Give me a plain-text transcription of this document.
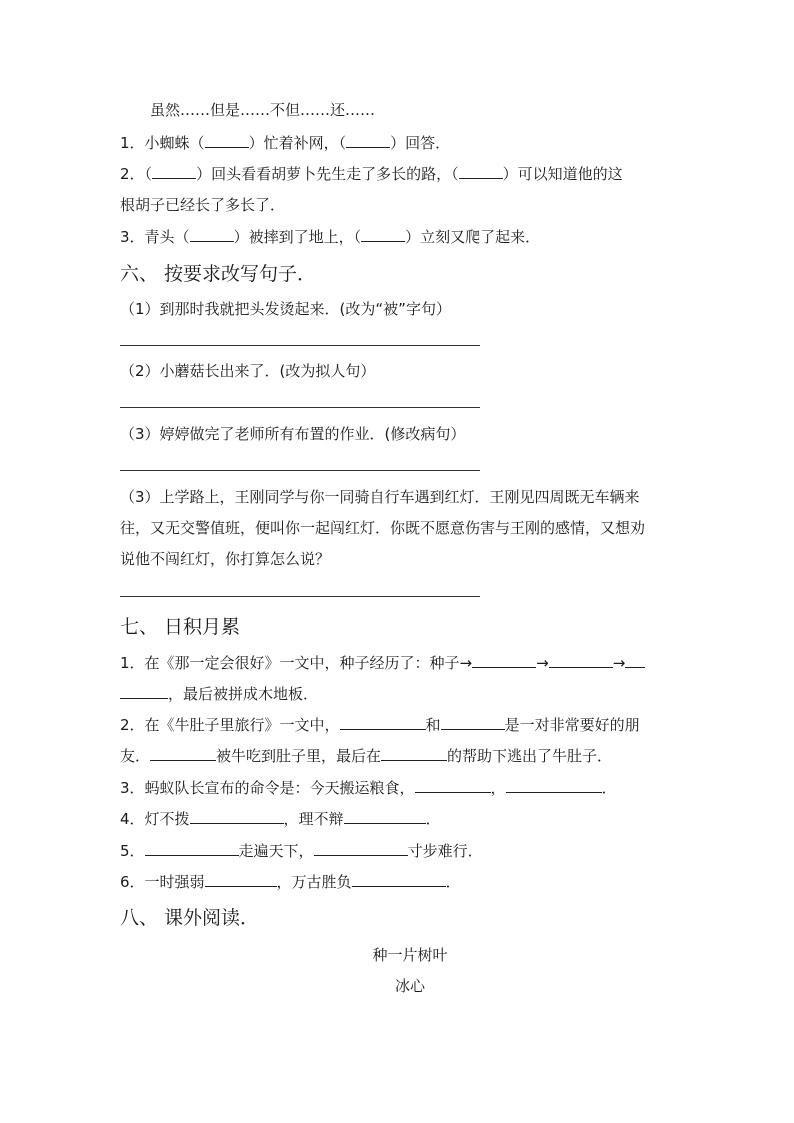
虽然……但是……不但……还……
1．小蜘蛛（	）忙着补网，（	）回答．
2．（	）回头看看胡萝卜先生走了多长的路，（	）可以知道他的这
根胡子已经长了多长了．
3．青头（	）被摔到了地上，（	）立刻又爬了起来．
六、 按要求改写句子．
（1）到那时我就把头发烫起来．(改为“被”字句）
（2）小蘑菇长出来了．(改为拟人句）
（3）婷婷做完了老师所有布置的作业．(修改病句）
（3）上学路上，王刚同学与你一同骑自行车遇到红灯．王刚见四周既无车辆来
往，又无交警值班，便叫你一起闯红灯．你既不愿意伤害与王刚的感情，又想劝
说他不闯红灯，你打算怎么说？
七、 日积月累
1．在《那一定会很好》一文中，种子经历了：种子→	→	→
，最后被拼成木地板．
2．在《牛肚子里旅行》一文中，	和	是一对非常要好的朋
友．	被牛吃到肚子里，最后在	的帮助下逃出了牛肚子．
3．蚂蚁队长宣布的命令是：今天搬运粮食，	，	．
4．灯不拨	，理不辩	．
5．	走遍天下，	寸步难行．
6．一时强弱	，万古胜负	．
八、 课外阅读．
种一片树叶
冰心
